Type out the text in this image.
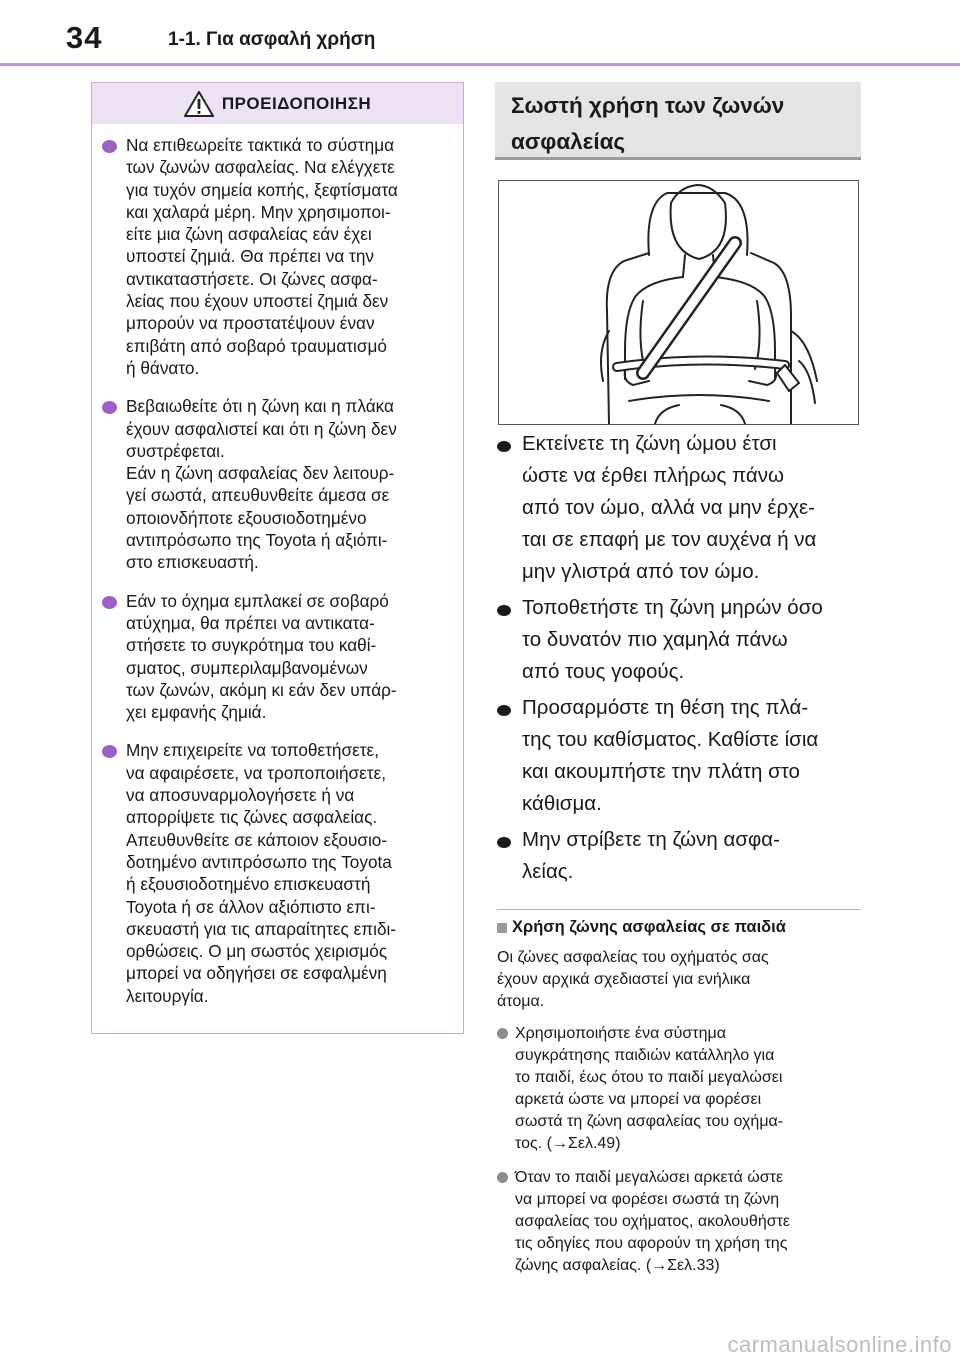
34	1-1. Για ασφαλή χρήση
ΠΡΟΕΙΔΟΠΟΙΗΣΗ
Να επιθεωρείτε τακτικά το σύστημα
των ζωνών ασφαλείας. Να ελέγχετε
για τυχόν σημεία κοπής, ξεφτίσματα
και χαλαρά μέρη. Μην χρησιμοποι-
είτε μια ζώνη ασφαλείας εάν έχει
υποστεί ζημιά. Θα πρέπει να την
αντικαταστήσετε. Οι ζώνες ασφα-
λείας που έχουν υποστεί ζημιά δεν
μπορούν να προστατέψουν έναν
επιβάτη από σοβαρό τραυματισμό
ή θάνατο.
Βεβαιωθείτε ότι η ζώνη και η πλάκα
έχουν ασφαλιστεί και ότι η ζώνη δεν
συστρέφεται.
Εάν η ζώνη ασφαλείας δεν λειτουρ-
γεί σωστά, απευθυνθείτε άμεσα σε
οποιονδήποτε εξουσιοδοτημένο
αντιπρόσωπο της Toyota ή αξιόπι-
στο επισκευαστή.
Εάν το όχημα εμπλακεί σε σοβαρό
ατύχημα, θα πρέπει να αντικατα-
στήσετε το συγκρότημα του καθί-
σματος, συμπεριλαμβανομένων
των ζωνών, ακόμη κι εάν δεν υπάρ-
χει εμφανής ζημιά.
Μην επιχειρείτε να τοποθετήσετε,
να αφαιρέσετε, να τροποποιήσετε,
να αποσυναρμολογήσετε ή να
απορρίψετε τις ζώνες ασφαλείας.
Απευθυνθείτε σε κάποιον εξουσιο-
δοτημένο αντιπρόσωπο της Toyota
ή εξουσιοδοτημένο επισκευαστή
Toyota ή σε άλλον αξιόπιστο επι-
σκευαστή για τις απαραίτητες επιδι-
ορθώσεις. Ο μη σωστός χειρισμός
μπορεί να οδηγήσει σε εσφαλμένη
λειτουργία.
Σωστή χρήση των ζωνών
ασφαλείας
Εκτείνετε τη ζώνη ώμου έτσι
ώστε να έρθει πλήρως πάνω
από τον ώμο, αλλά να μην έρχε-
ται σε επαφή με τον αυχένα ή να
μην γλιστρά από τον ώμο.
Τοποθετήστε τη ζώνη μηρών όσο
το δυνατόν πιο χαμηλά πάνω
από τους γοφούς.
Προσαρμόστε τη θέση της πλά-
της του καθίσματος. Καθίστε ίσια
και ακουμπήστε την πλάτη στο
κάθισμα.
Μην στρίβετε τη ζώνη ασφα-
λείας.
Χρήση ζώνης ασφαλείας σε παιδιά
Οι ζώνες ασφαλείας του οχήματός σας
έχουν αρχικά σχεδιαστεί για ενήλικα
άτομα.
Χρησιμοποιήστε ένα σύστημα
συγκράτησης παιδιών κατάλληλο για
το παιδί, έως ότου το παιδί μεγαλώσει
αρκετά ώστε να μπορεί να φορέσει
σωστά τη ζώνη ασφαλείας του οχήμα-
τος. (→Σελ.49)
Όταν το παιδί μεγαλώσει αρκετά ώστε
να μπορεί να φορέσει σωστά τη ζώνη
ασφαλείας του οχήματος, ακολουθήστε
τις οδηγίες που αφορούν τη χρήση της
ζώνης ασφαλείας. (→Σελ.33)
carmanualsonline.info
